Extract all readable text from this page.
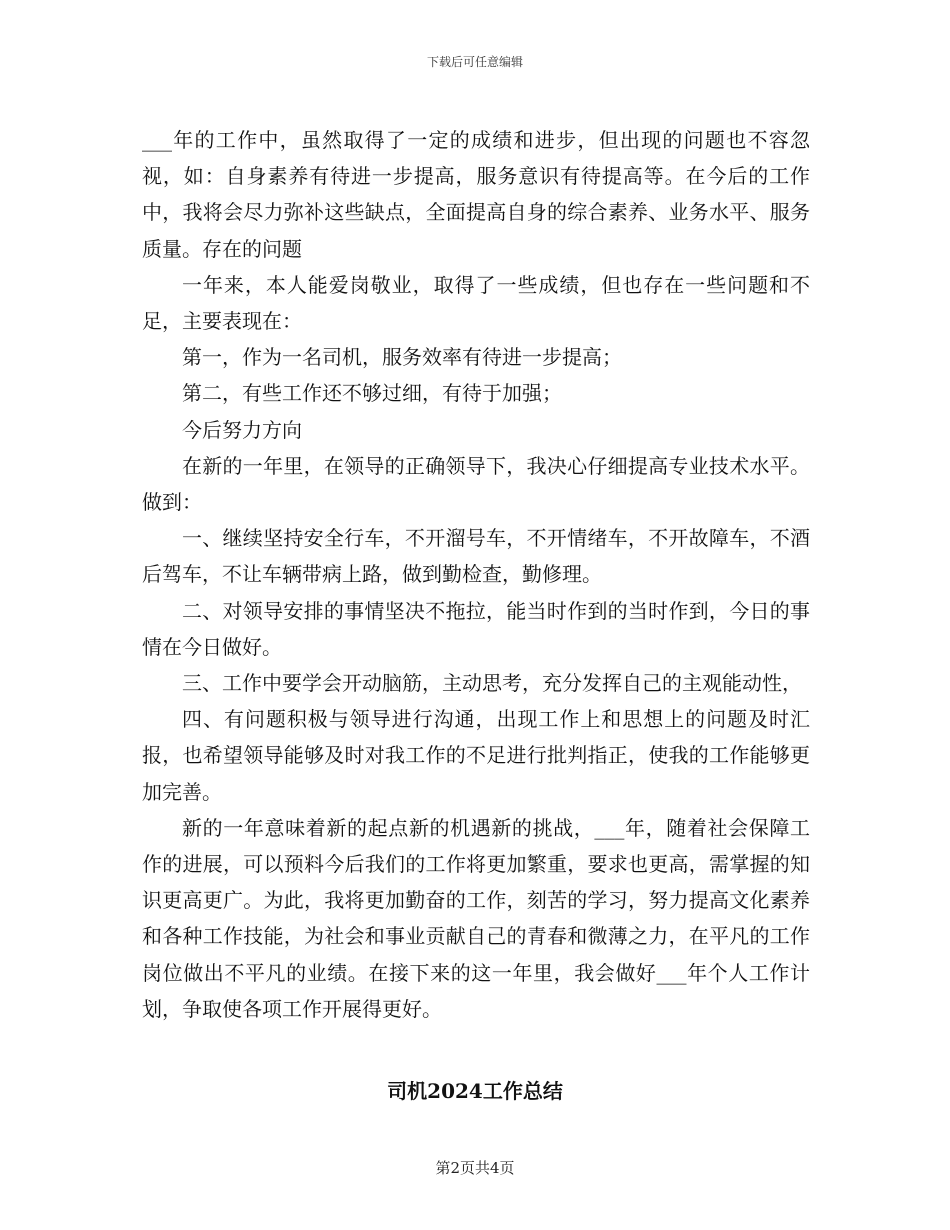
下载后可任意编辑

___年的工作中，虽然取得了一定的成绩和进步，但出现的问题也不容忽视，如：自身素养有待进一步提高，服务意识有待提高等。在今后的工作中，我将会尽力弥补这些缺点，全面提高自身的综合素养、业务水平、服务质量。存在的问题

一年来，本人能爱岗敬业，取得了一些成绩，但也存在一些问题和不足，主要表现在：

第一，作为一名司机，服务效率有待进一步提高；

第二，有些工作还不够过细，有待于加强；

今后努力方向

在新的一年里，在领导的正确领导下，我决心仔细提高专业技术水平。做到：

一、继续坚持安全行车，不开溜号车，不开情绪车，不开故障车，不酒后驾车，不让车辆带病上路，做到勤检查，勤修理。

二、对领导安排的事情坚决不拖拉，能当时作到的当时作到，今日的事情在今日做好。

三、工作中要学会开动脑筋，主动思考，充分发挥自己的主观能动性，

四、有问题积极与领导进行沟通，出现工作上和思想上的问题及时汇报，也希望领导能够及时对我工作的不足进行批判指正，使我的工作能够更加完善。

新的一年意味着新的起点新的机遇新的挑战，___年，随着社会保障工作的进展，可以预料今后我们的工作将更加繁重，要求也更高，需掌握的知识更高更广。为此，我将更加勤奋的工作，刻苦的学习，努力提高文化素养和各种工作技能，为社会和事业贡献自己的青春和微薄之力，在平凡的工作岗位做出不平凡的业绩。在接下来的这一年里，我会做好___年个人工作计划，争取使各项工作开展得更好。

司机2024工作总结
第2页共4页
